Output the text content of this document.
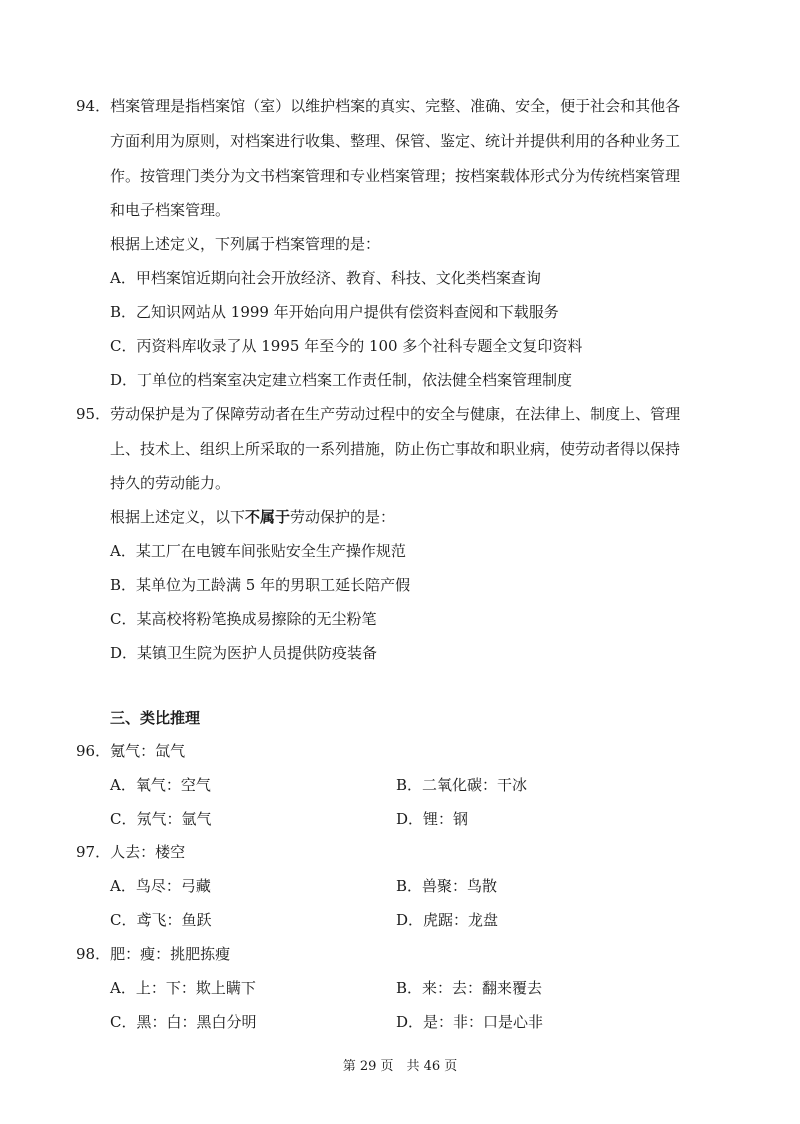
94．档案管理是指档案馆（室）以维护档案的真实、完整、准确、安全，便于社会和其他各
方面利用为原则，对档案进行收集、整理、保管、鉴定、统计并提供利用的各种业务工
作。按管理门类分为文书档案管理和专业档案管理；按档案载体形式分为传统档案管理
和电子档案管理。
根据上述定义，下列属于档案管理的是：
A．甲档案馆近期向社会开放经济、教育、科技、文化类档案查询
B．乙知识网站从 1999 年开始向用户提供有偿资料查阅和下载服务
C．丙资料库收录了从 1995 年至今的 100 多个社科专题全文复印资料
D．丁单位的档案室决定建立档案工作责任制，依法健全档案管理制度
95．劳动保护是为了保障劳动者在生产劳动过程中的安全与健康，在法律上、制度上、管理
上、技术上、组织上所采取的一系列措施，防止伤亡事故和职业病，使劳动者得以保持
持久的劳动能力。
根据上述定义，以下不属于劳动保护的是：
A．某工厂在电镀车间张贴安全生产操作规范
B．某单位为工龄满 5 年的男职工延长陪产假
C．某高校将粉笔换成易擦除的无尘粉笔
D．某镇卫生院为医护人员提供防疫装备
三、类比推理
96．氪气：氙气
A．氧气：空气	B．二氧化碳：干冰
C．氖气：氩气	D．锂：钢
97．人去：楼空
A．鸟尽：弓藏	B．兽聚：鸟散
C．鸢飞：鱼跃	D．虎踞：龙盘
98．肥：瘦：挑肥拣瘦
A．上：下：欺上瞒下	B．来：去：翻来覆去
C．黑：白：黑白分明	D．是：非：口是心非
第 29 页　共 46 页
